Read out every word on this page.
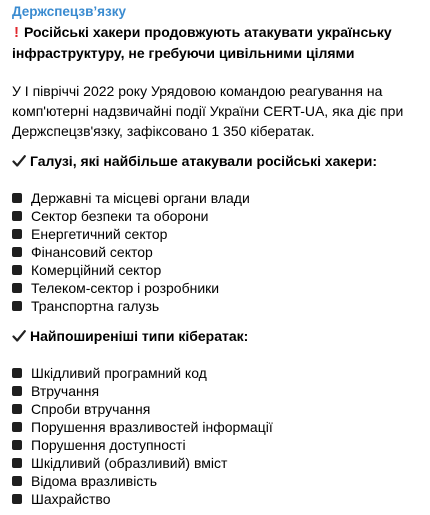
Держспецзв’язку
! Російські хакери продовжують атакувати українську інфраструктуру, не гребуючи цивільними цілями
У І півріччі 2022 року Урядовою командою реагування на комп'ютерні надзвичайні події України CERT-UA, яка діє при Держспецзв'язку, зафіксовано 1 350 кібератак.
Галузі, які найбільше атакували російські хакери:
Державні та місцеві органи влади
Сектор безпеки та оборони
Енергетичний сектор
Фінансовий сектор
Комерційний сектор
Телеком-сектор і розробники
Транспортна галузь
Найпоширеніші типи кібератак:
Шкідливий програмний код
Втручання
Спроби втручання
Порушення вразливостей інформації
Порушення доступності
Шкідливий (образливий) вміст
Відома вразливість
Шахрайство
